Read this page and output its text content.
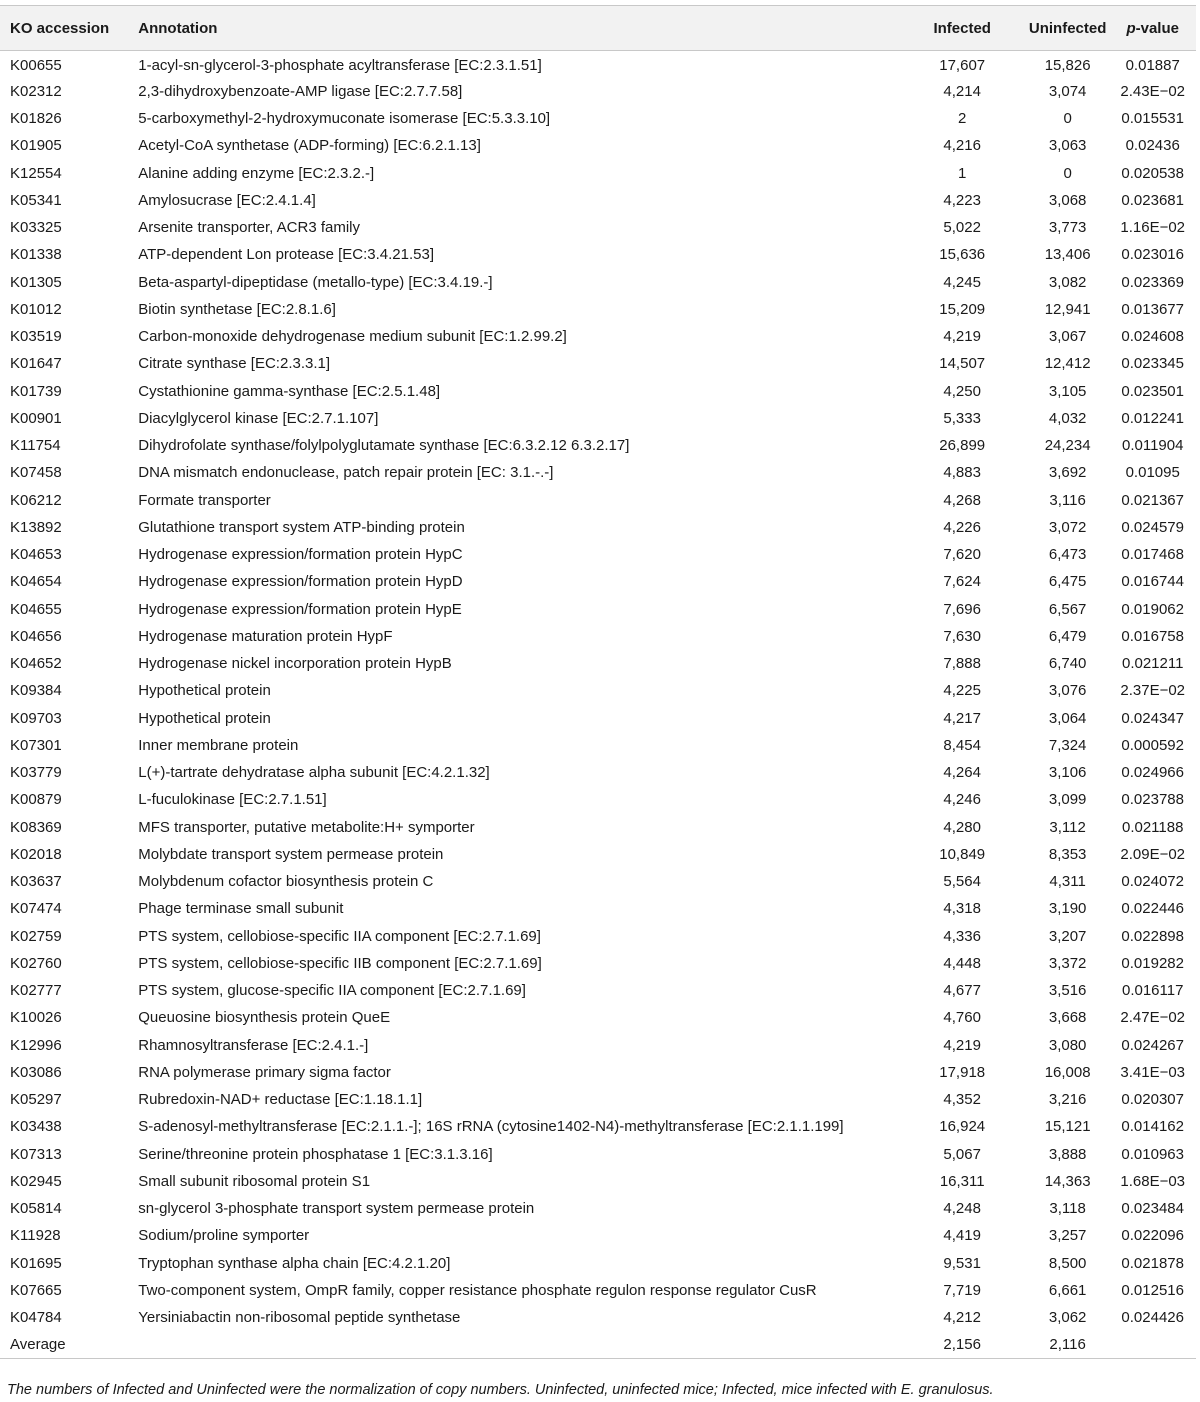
KO accession	Annotation	Infected	Uninfected	p-value
K00655	1-acyl-sn-glycerol-3-phosphate acyltransferase [EC:2.3.1.51]	17,607	15,826	0.01887
K02312	2,3-dihydroxybenzoate-AMP ligase [EC:2.7.7.58]	4,214	3,074	2.43E−02
K01826	5-carboxymethyl-2-hydroxymuconate isomerase [EC:5.3.3.10]	2	0	0.015531
K01905	Acetyl-CoA synthetase (ADP-forming) [EC:6.2.1.13]	4,216	3,063	0.02436
K12554	Alanine adding enzyme [EC:2.3.2.-]	1	0	0.020538
K05341	Amylosucrase [EC:2.4.1.4]	4,223	3,068	0.023681
K03325	Arsenite transporter, ACR3 family	5,022	3,773	1.16E−02
K01338	ATP-dependent Lon protease [EC:3.4.21.53]	15,636	13,406	0.023016
K01305	Beta-aspartyl-dipeptidase (metallo-type) [EC:3.4.19.-]	4,245	3,082	0.023369
K01012	Biotin synthetase [EC:2.8.1.6]	15,209	12,941	0.013677
K03519	Carbon-monoxide dehydrogenase medium subunit [EC:1.2.99.2]	4,219	3,067	0.024608
K01647	Citrate synthase [EC:2.3.3.1]	14,507	12,412	0.023345
K01739	Cystathionine gamma-synthase [EC:2.5.1.48]	4,250	3,105	0.023501
K00901	Diacylglycerol kinase [EC:2.7.1.107]	5,333	4,032	0.012241
K11754	Dihydrofolate synthase/folylpolyglutamate synthase [EC:6.3.2.12 6.3.2.17]	26,899	24,234	0.011904
K07458	DNA mismatch endonuclease, patch repair protein [EC: 3.1.-.-]	4,883	3,692	0.01095
K06212	Formate transporter	4,268	3,116	0.021367
K13892	Glutathione transport system ATP-binding protein	4,226	3,072	0.024579
K04653	Hydrogenase expression/formation protein HypC	7,620	6,473	0.017468
K04654	Hydrogenase expression/formation protein HypD	7,624	6,475	0.016744
K04655	Hydrogenase expression/formation protein HypE	7,696	6,567	0.019062
K04656	Hydrogenase maturation protein HypF	7,630	6,479	0.016758
K04652	Hydrogenase nickel incorporation protein HypB	7,888	6,740	0.021211
K09384	Hypothetical protein	4,225	3,076	2.37E−02
K09703	Hypothetical protein	4,217	3,064	0.024347
K07301	Inner membrane protein	8,454	7,324	0.000592
K03779	L(+)-tartrate dehydratase alpha subunit [EC:4.2.1.32]	4,264	3,106	0.024966
K00879	L-fuculokinase [EC:2.7.1.51]	4,246	3,099	0.023788
K08369	MFS transporter, putative metabolite:H+ symporter	4,280	3,112	0.021188
K02018	Molybdate transport system permease protein	10,849	8,353	2.09E−02
K03637	Molybdenum cofactor biosynthesis protein C	5,564	4,311	0.024072
K07474	Phage terminase small subunit	4,318	3,190	0.022446
K02759	PTS system, cellobiose-specific IIA component [EC:2.7.1.69]	4,336	3,207	0.022898
K02760	PTS system, cellobiose-specific IIB component [EC:2.7.1.69]	4,448	3,372	0.019282
K02777	PTS system, glucose-specific IIA component [EC:2.7.1.69]	4,677	3,516	0.016117
K10026	Queuosine biosynthesis protein QueE	4,760	3,668	2.47E−02
K12996	Rhamnosyltransferase [EC:2.4.1.-]	4,219	3,080	0.024267
K03086	RNA polymerase primary sigma factor	17,918	16,008	3.41E−03
K05297	Rubredoxin-NAD+ reductase [EC:1.18.1.1]	4,352	3,216	0.020307
K03438	S-adenosyl-methyltransferase [EC:2.1.1.-]; 16S rRNA (cytosine1402-N4)-methyltransferase [EC:2.1.1.199]	16,924	15,121	0.014162
K07313	Serine/threonine protein phosphatase 1 [EC:3.1.3.16]	5,067	3,888	0.010963
K02945	Small subunit ribosomal protein S1	16,311	14,363	1.68E−03
K05814	sn-glycerol 3-phosphate transport system permease protein	4,248	3,118	0.023484
K11928	Sodium/proline symporter	4,419	3,257	0.022096
K01695	Tryptophan synthase alpha chain [EC:4.2.1.20]	9,531	8,500	0.021878
K07665	Two-component system, OmpR family, copper resistance phosphate regulon response regulator CusR	7,719	6,661	0.012516
K04784	Yersiniabactin non-ribosomal peptide synthetase	4,212	3,062	0.024426
Average		2,156	2,116	
The numbers of Infected and Uninfected were the normalization of copy numbers. Uninfected, uninfected mice; Infected, mice infected with E. granulosus.
